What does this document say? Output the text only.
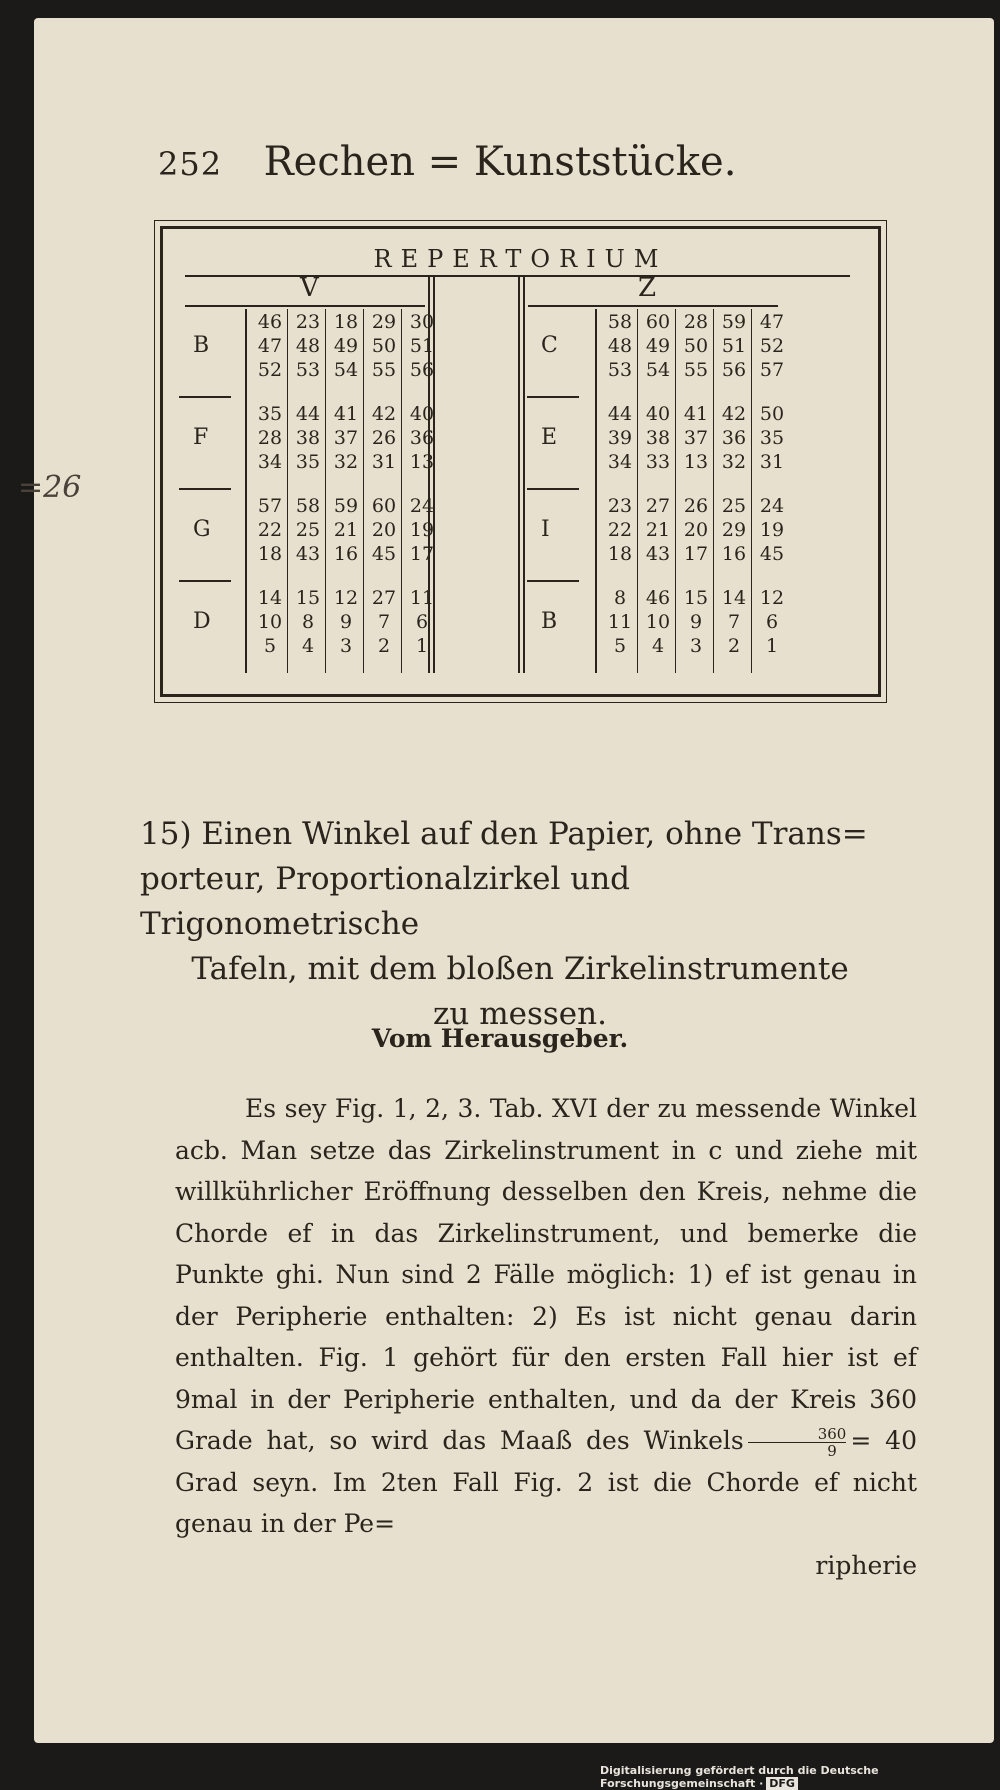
252	Rechen = Kunststücke.
=26
REPERTORIUM
V
B
46 23 18 29 30
47 48 49 50 51
52 53 54 55 56
F
35 44 41 42 40
28 38 37 26 36
34 35 32 31 13
G
57 58 59 60 24
22 25 21 20 19
18 43 16 45 17
D
14 15 12 27 11
10	8	9	7	6
5	4	3	2	1
Z
C
58 60 28 59 47
48 49 50 51 52
53 54 55 56 57
E
44 40 41 42 50
39 38 37 36 35
34 33 13 32 31
I
23 27 26 25 24
22 21 20 29 19
18 43 17 16 45
B
8	46 15 14 12
11 10	9	7	6
5	4	3	2	1
15) Einen Winkel auf den Papier, ohne Trans=
porteur, Proportionalzirkel und Trigonometrische
Tafeln, mit dem bloßen Zirkelinstrumente
zu messen.
Vom Herausgeber.

Es sey Fig. 1, 2, 3. Tab. XVI der zu messende Winkel acb. Man setze das Zirkelinstrument in c und ziehe mit willkührlicher Eröffnung desselben den Kreis, nehme die Chorde ef in das Zirkelinstrument, und bemerke die Punkte ghi. Nun sind 2 Fälle möglich: 1) ef ist genau in der Peripherie enthalten: 2) Es ist nicht genau darin enthalten. Fig. 1 gehört für den ersten Fall hier ist ef 9mal in der Peripherie enthalten, und da der Kreis 360 Grade hat, so wird das Maaß des Winkels $\frac{360}{9} = 40$ Grad seyn. Im 2ten Fall Fig. 2 ist die Chorde ef nicht genau in der Pe=

ripherie
Digitalisierung gefördert durch die Deutsche Forschungsgemeinschaft · DFG
